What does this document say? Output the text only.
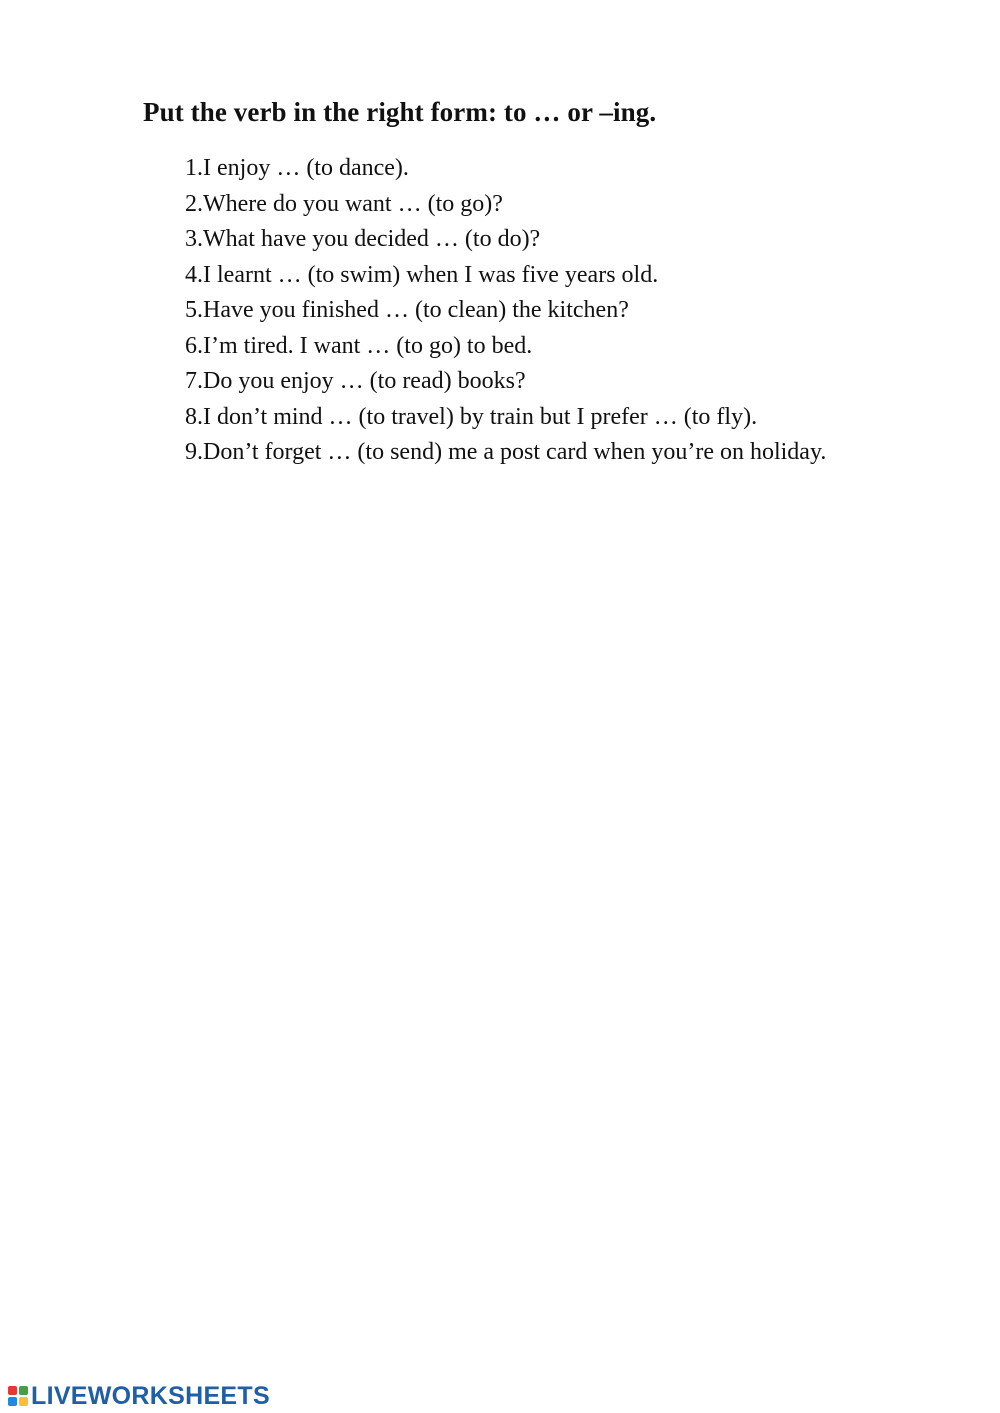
Put the verb in the right form: to … or –ing.
1. I enjoy … (to dance).
2. Where do you want … (to go)?
3. What have you decided … (to do)?
4. I learnt … (to swim) when I was five years old.
5. Have you finished … (to clean) the kitchen?
6. I’m tired. I want … (to go) to bed.
7. Do you enjoy … (to read) books?
8. I don’t mind … (to travel) by train but I prefer … (to fly).
9. Don’t forget … (to send) me a post card when you’re on holiday.
LIVEWORKSHEETS
